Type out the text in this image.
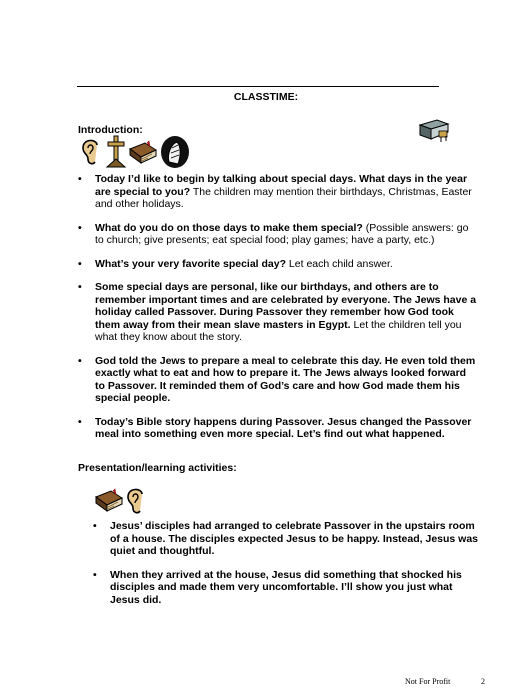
CLASSTIME:
Introduction:
• Today I’d like to begin by talking about special days. What days in the year are special to you? The children may mention their birthdays, Christmas, Easter and other holidays.
• What do you do on those days to make them special? (Possible answers: go to church; give presents; eat special food; play games; have a party, etc.)
• What’s your very favorite special day? Let each child answer.
• Some special days are personal, like our birthdays, and others are to remember important times and are celebrated by everyone. The Jews have a holiday called Passover. During Passover they remember how God took them away from their mean slave masters in Egypt. Let the children tell you what they know about the story.
• God told the Jews to prepare a meal to celebrate this day. He even told them exactly what to eat and how to prepare it. The Jews always looked forward to Passover. It reminded them of God’s care and how God made them his special people.
• Today’s Bible story happens during Passover. Jesus changed the Passover meal into something even more special. Let’s find out what happened.
Presentation/learning activities:
• Jesus’ disciples had arranged to celebrate Passover in the upstairs room of a house. The disciples expected Jesus to be happy. Instead, Jesus was quiet and thoughtful.
• When they arrived at the house, Jesus did something that shocked his disciples and made them very uncomfortable. I’ll show you just what Jesus did.
Not For Profit	2
